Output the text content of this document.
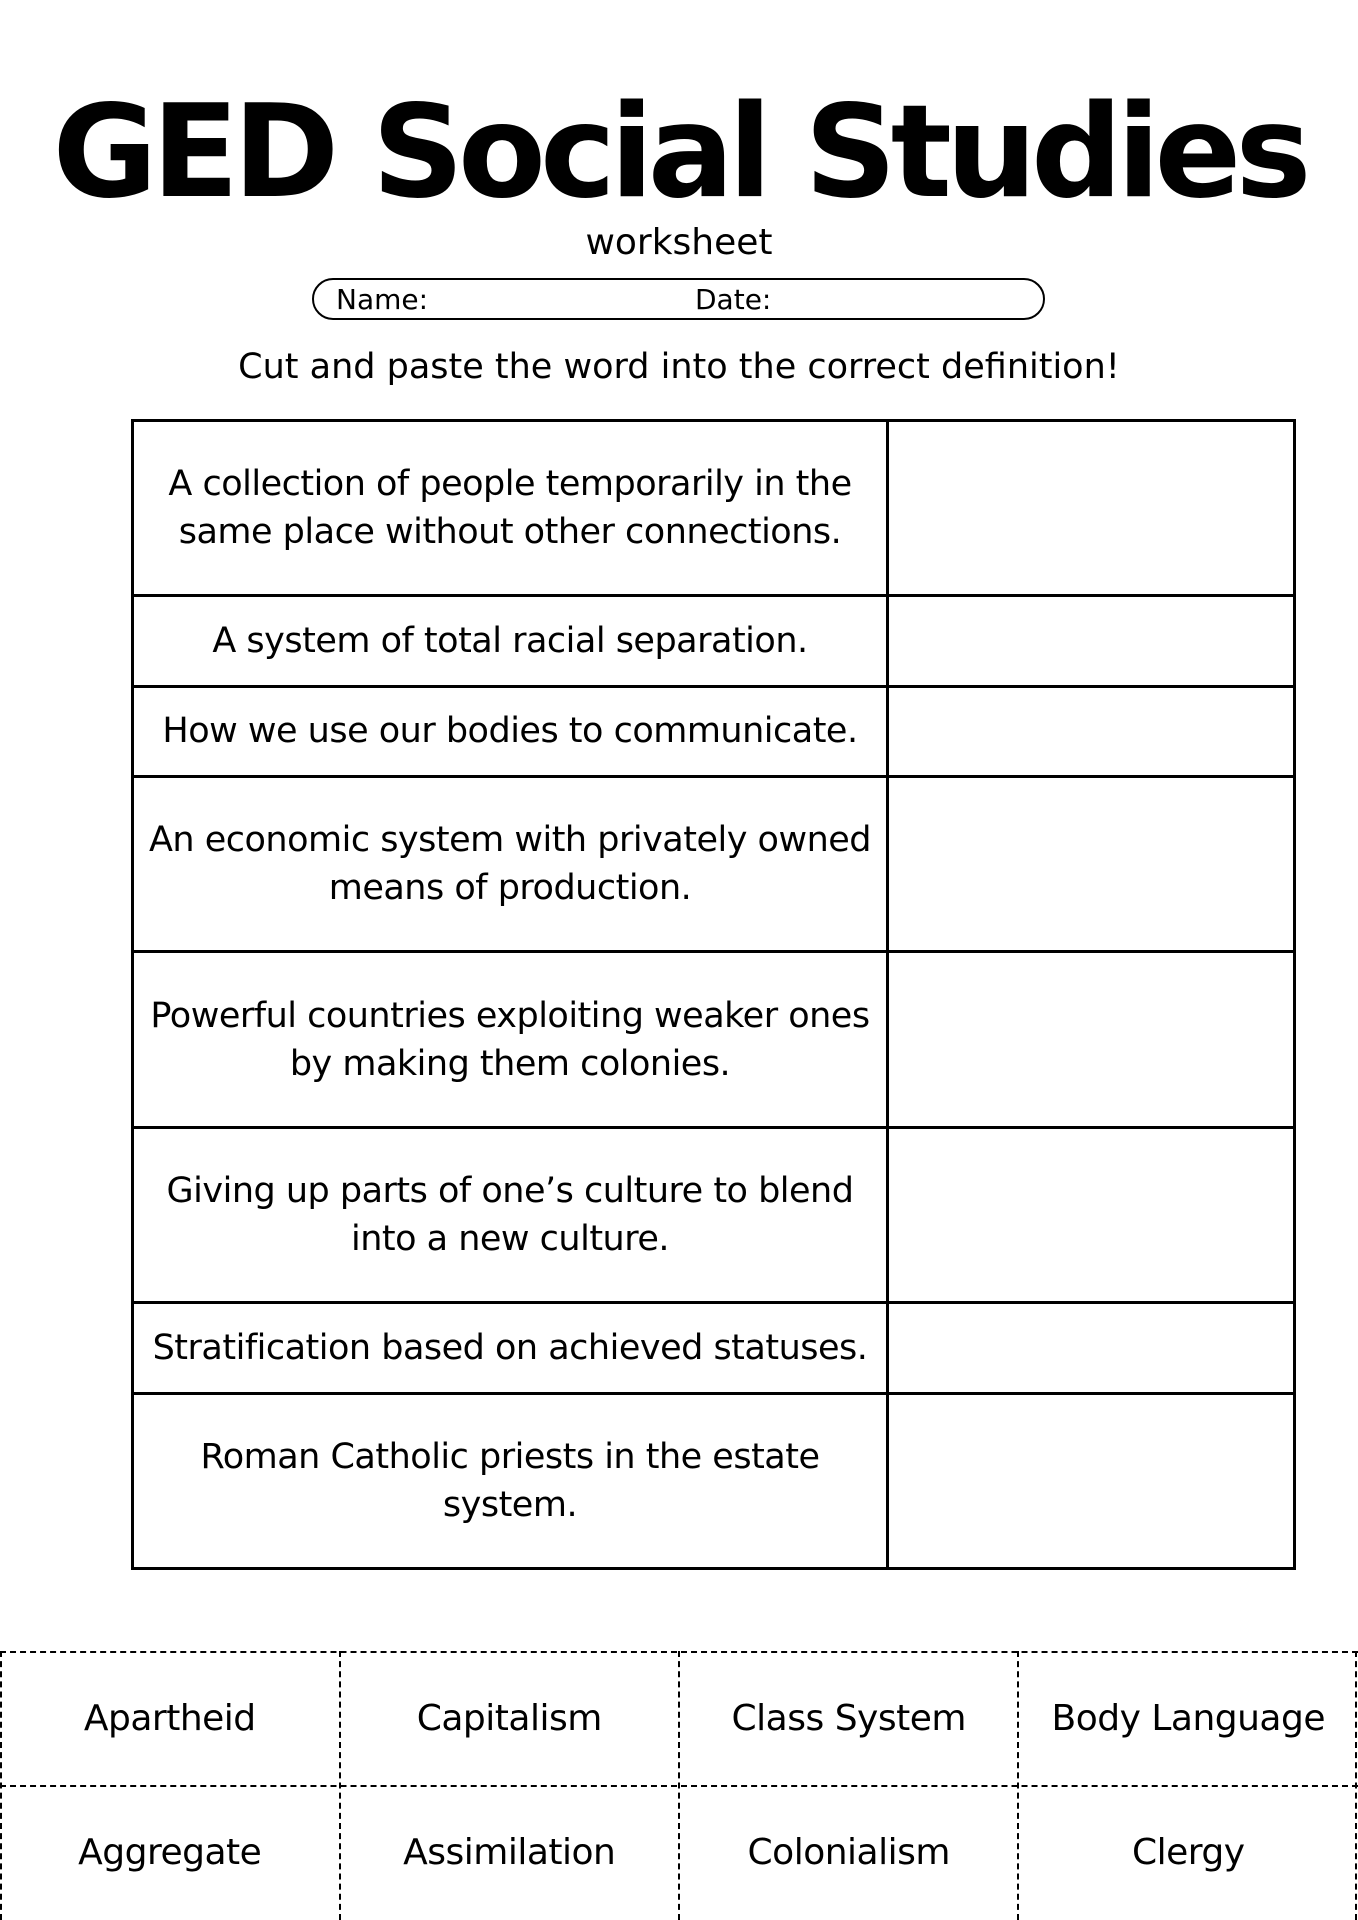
GED Social Studies
worksheet
Name:	Date:
Cut and paste the word into the correct definition!
A collection of people temporarily in the same place without other connections.	
A system of total racial separation.	
How we use our bodies to communicate.	
An economic system with privately owned means of production.	
Powerful countries exploiting weaker ones by making them colonies.	
Giving up parts of one’s culture to blend into a new culture.	
Stratification based on achieved statuses.	
Roman Catholic priests in the estate system.	
Apartheid	Capitalism	Class System	Body Language
Aggregate	Assimilation	Colonialism	Clergy
